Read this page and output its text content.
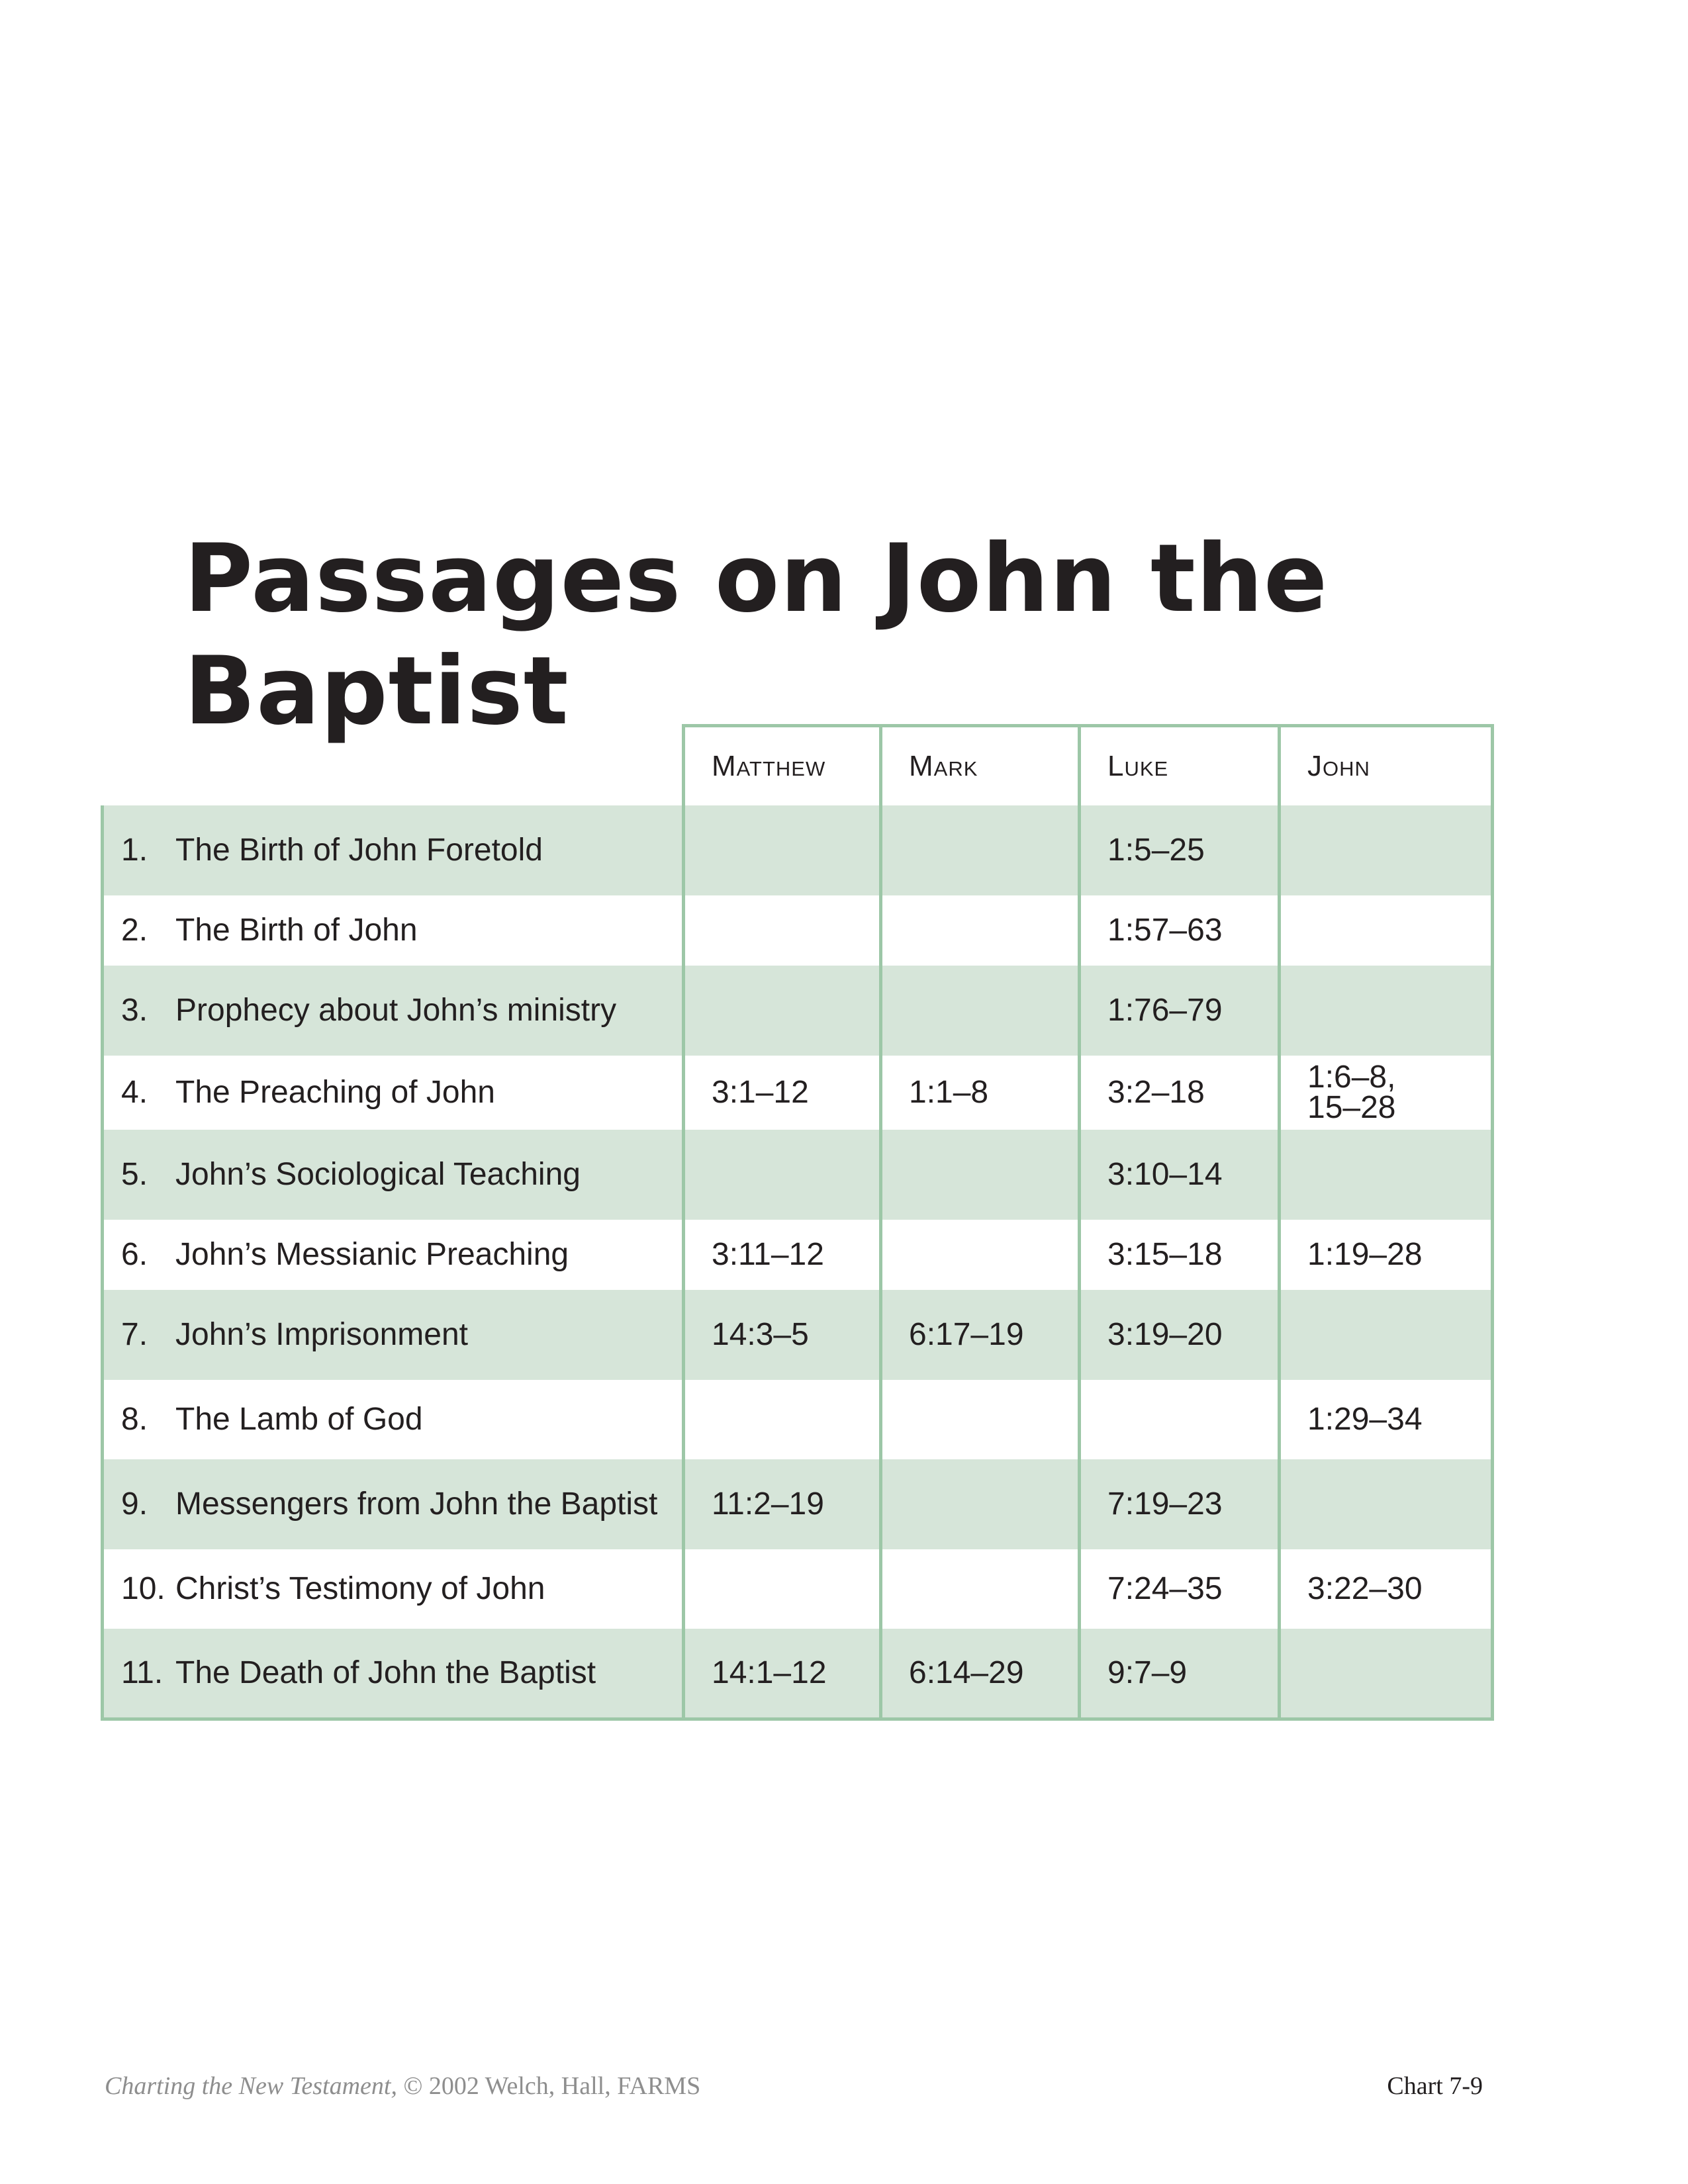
Passages on John the Baptist
	Matthew	Mark	Luke	John
1. The Birth of John Foretold			1:5–25	
2. The Birth of John			1:57–63	
3. Prophecy about John’s ministry			1:76–79	
4. The Preaching of John	3:1–12	1:1–8	3:2–18	1:6–8,
15–28
5. John’s Sociological Teaching			3:10–14	
6. John’s Messianic Preaching	3:11–12		3:15–18	1:19–28
7. John’s Imprisonment	14:3–5	6:17–19	3:19–20	
8. The Lamb of God				1:29–34
9. Messengers from John the Baptist	11:2–19		7:19–23	
10. Christ’s Testimony of John			7:24–35	3:22–30
11. The Death of John the Baptist	14:1–12	6:14–29	9:7–9	
Charting the New Testament, © 2002 Welch, Hall, FARMS	Chart 7-9
